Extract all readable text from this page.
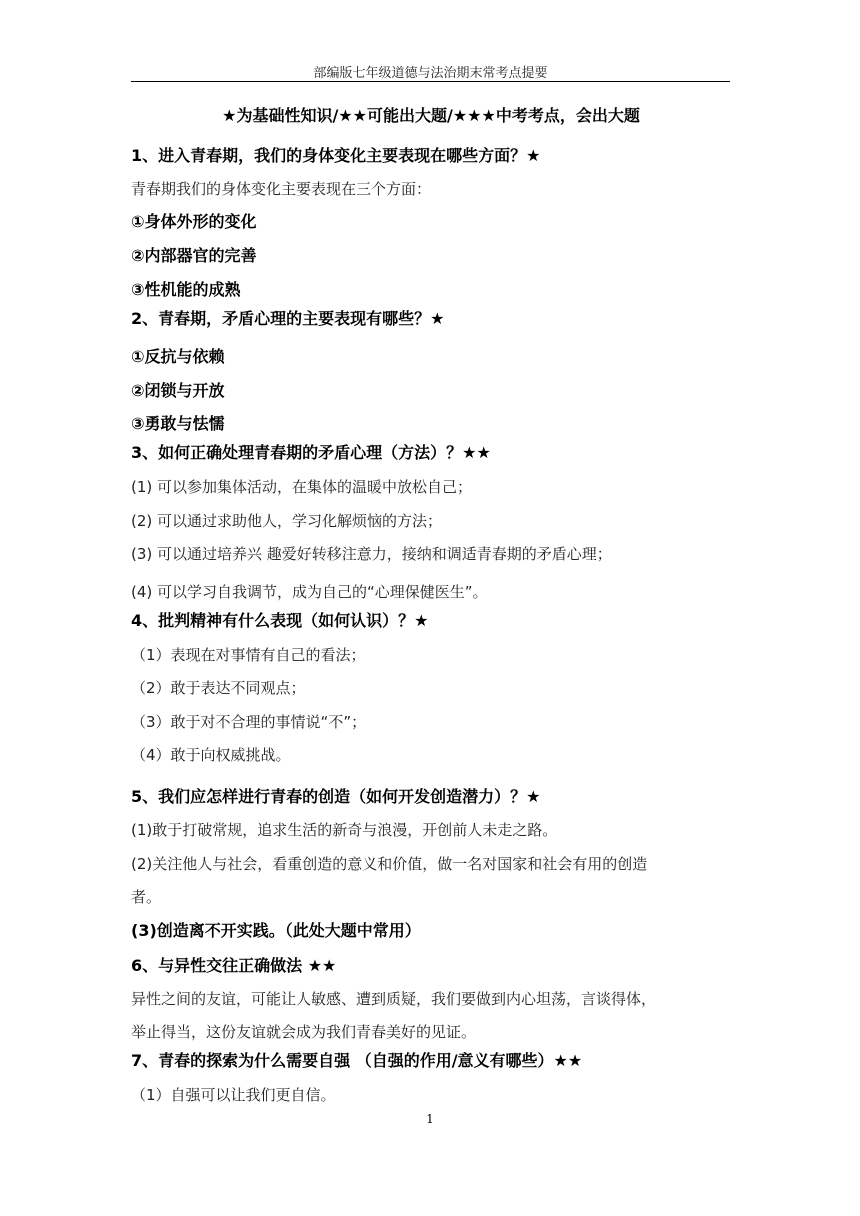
部编版七年级道德与法治期末常考点提要
★为基础性知识/★★可能出大题/★★★中考考点，会出大题
1、进入青春期，我们的身体变化主要表现在哪些方面？★
青春期我们的身体变化主要表现在三个方面：
①身体外形的变化
②内部器官的完善
③性机能的成熟
2、青春期，矛盾心理的主要表现有哪些？★
①反抗与依赖
②闭锁与开放
③勇敢与怯懦
3、如何正确处理青春期的矛盾心理（方法）？★★
(1) 可以参加集体活动，在集体的温暖中放松自己；
(2) 可以通过求助他人，学习化解烦恼的方法；
(3) 可以通过培养兴 趣爱好转移注意力，接纳和调适青春期的矛盾心理；
(4) 可以学习自我调节，成为自己的“心理保健医生”。
4、批判精神有什么表现（如何认识）？★
（1）表现在对事情有自己的看法；
（2）敢于表达不同观点；
（3）敢于对不合理的事情说“不”；
（4）敢于向权威挑战。
5、我们应怎样进行青春的创造（如何开发创造潜力）？★
(1)敢于打破常规，追求生活的新奇与浪漫，开创前人未走之路。
(2)关注他人与社会，看重创造的意义和价值，做一名对国家和社会有用的创造
者。
(3)创造离不开实践。（此处大题中常用）
6、与异性交往正确做法 ★★
异性之间的友谊，可能让人敏感、遭到质疑，我们要做到内心坦荡，言谈得体，
举止得当，这份友谊就会成为我们青春美好的见证。
7、青春的探索为什么需要自强 （自强的作用/意义有哪些）★★
（1）自强可以让我们更自信。
1
